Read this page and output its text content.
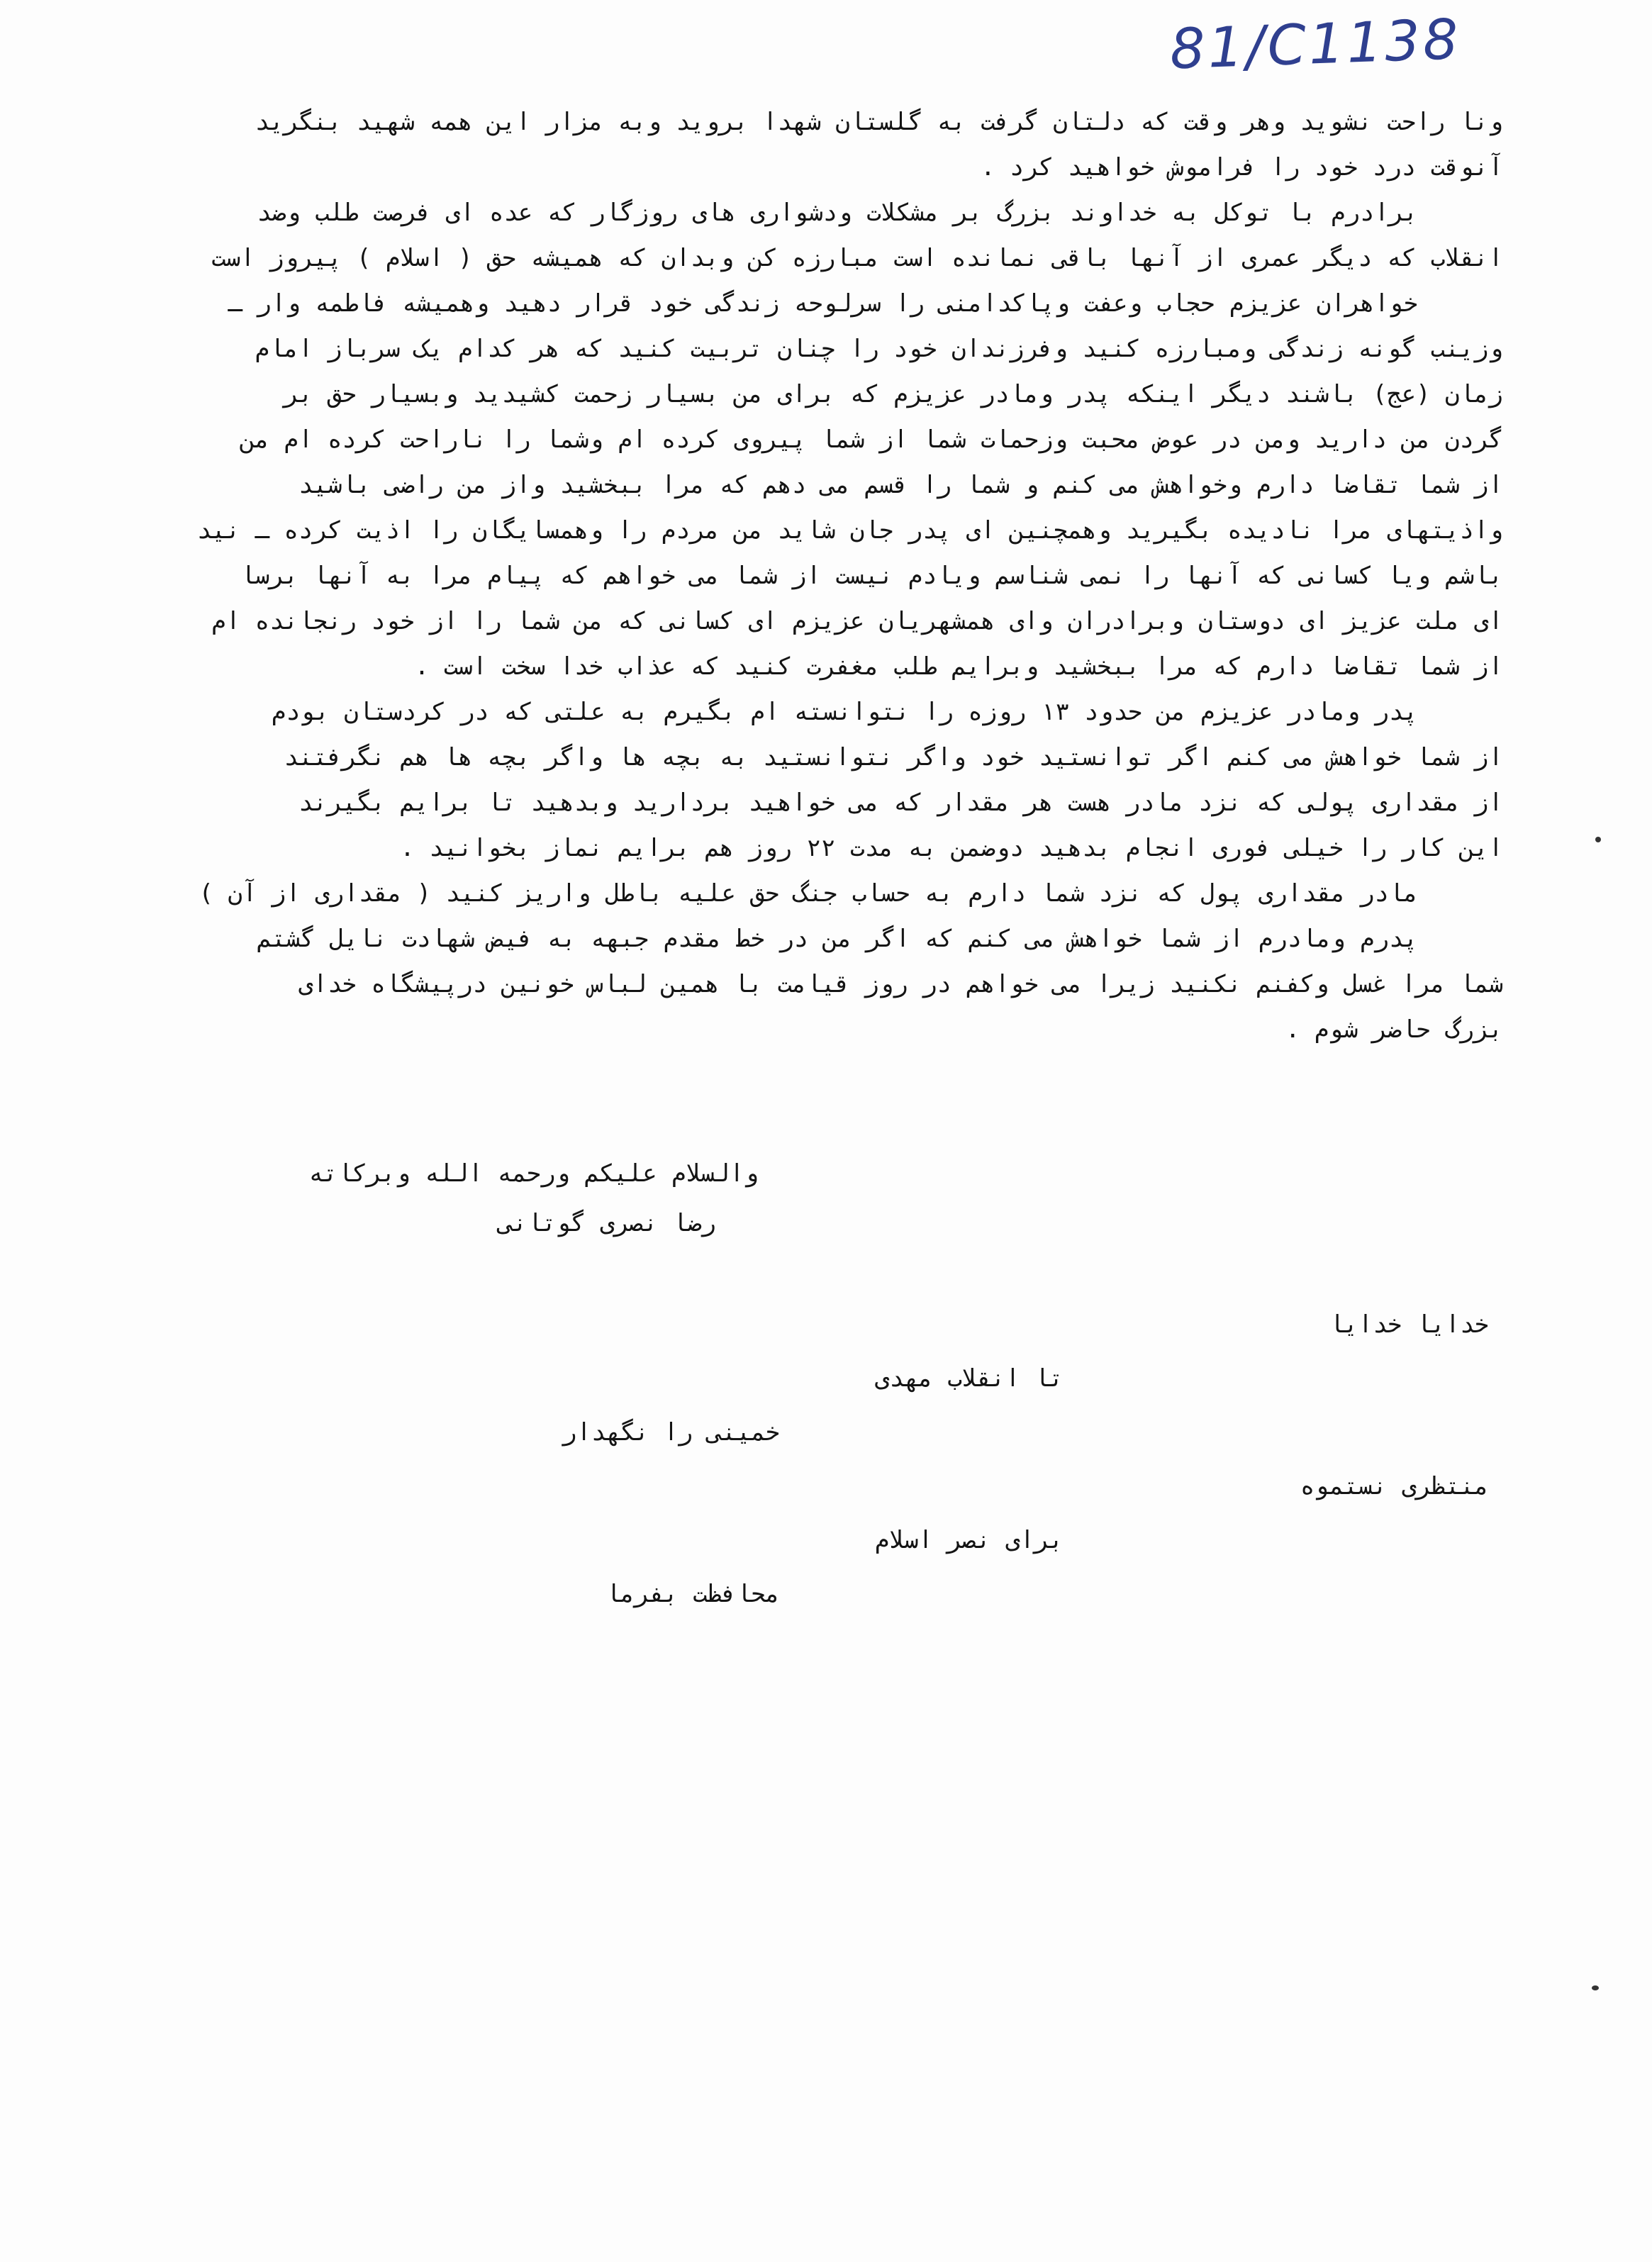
81/C1138
ونا راحت نشوید وهر وقت که دلتان گرفت به گلستان شهدا بروید وبه مزار این همه شهید بنگرید
آنوقت درد خود را فراموش خواهید کرد .
برادرم با توکل به خداوند بزرگ بر مشکلات ودشواری های روزگار که عده ای فرصت طلب وضد
انقلاب که دیگر عمری از آنها باقی نمانده است مبارزه کن وبدان که همیشه حق ( اسلام ) پیروز است
خواهران عزیزم حجاب وعفت وپاکدامنی را سرلوحه زندگی خود قرار دهید وهمیشه فاطمه وار ـ
وزینب گونه زندگی ومبارزه کنید وفرزندان خود را چنان تربیت کنید که هر کدام یک سرباز امام
زمان (عج) باشند دیگر اینکه پدر ومادر عزیزم که برای من بسیار زحمت کشیدید وبسیار حق بر
گردن من دارید ومن در عوض محبت وزحمات شما از شما پیروی کرده ام وشما را ناراحت کرده ام من
از شما تقاضا دارم وخواهش می کنم و شما را قسم می دهم که مرا ببخشید واز من راضی باشید
واذیتهای مرا نادیده بگیرید وهمچنین ای پدر جان شاید من مردم را وهمسایگان را اذیت کرده ـ نید
باشم ویا کسانی که آنها را نمی شناسم ویادم نیست از شما می خواهم که پیام مرا به آنها برسا
ای ملت عزیز ای دوستان وبرادران وای همشهریان عزیزم ای کسانی که من شما را از خود رنجانده ام
از شما تقاضا دارم که مرا ببخشید وبرایم طلب مغفرت کنید که عذاب خدا سخت است .
پدر ومادر عزیزم من حدود ۱۳ روزه را نتوانسته ام بگیرم به علتی که در کردستان بودم
از شما خواهش می کنم اگر توانستید خود واگر نتوانستید به بچه ها واگر بچه ها هم نگرفتند
از مقداری پولی که نزد مادر هست هر مقدار که می خواهید بردارید وبدهید تا برایم بگیرند
این کار را خیلی فوری انجام بدهید دوضمن به مدت ۲۲ روز هم برایم نماز بخوانید .
مادر مقداری پول که نزد شما دارم به حساب جنگ حق علیه باطل واریز کنید ( مقداری از آن )
پدرم ومادرم از شما خواهش می کنم که اگر من در خط مقدم جبهه به فیض شهادت نایل گشتم
شما مرا غسل وکفنم نکنید زیرا می خواهم در روز قیامت با همین لباس خونین درپیشگاه خدای
بزرگ حاضر شوم .
والسلام علیکم ورحمه الله وبرکاته
رضا نصری گوتانی
خدایا خدایا
تا انقلاب مهدی
خمینی را نگهدار
منتظری نستموه
برای نصر اسلام
محافظت بفرما
